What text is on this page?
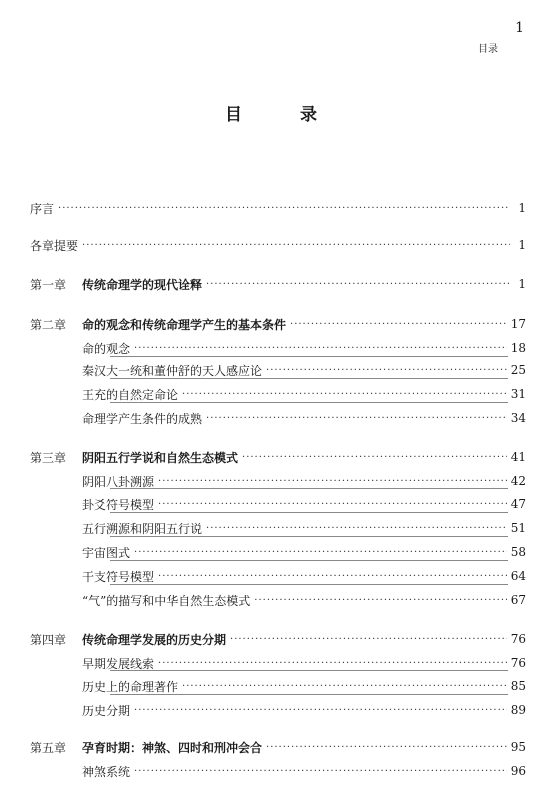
1
目录
目 录
序言 ·····	1
各章提要 ·····	1
第一章	传统命理学的现代诠释 ·····	1
第二章	命的观念和传统命理学产生的基本条件 ·····	17
命的观念 ·····	18
秦汉大一统和董仲舒的天人感应论 ·····	25
王充的自然定命论 ·····	31
命理学产生条件的成熟 ·····	34
第三章	阴阳五行学说和自然生态模式 ·····	41
阴阳八卦溯源 ·····	42
卦爻符号模型 ·····	47
五行溯源和阴阳五行说 ·····	51
宇宙图式 ·····	58
干支符号模型 ·····	64
“气”的描写和中华自然生态模式 ·····	67
第四章	传统命理学发展的历史分期 ·····	76
早期发展线索 ·····	76
历史上的命理著作 ·····	85
历史分期 ·····	89
第五章	孕育时期：神煞、四时和刑冲会合 ·····	95
神煞系统 ·····	96
